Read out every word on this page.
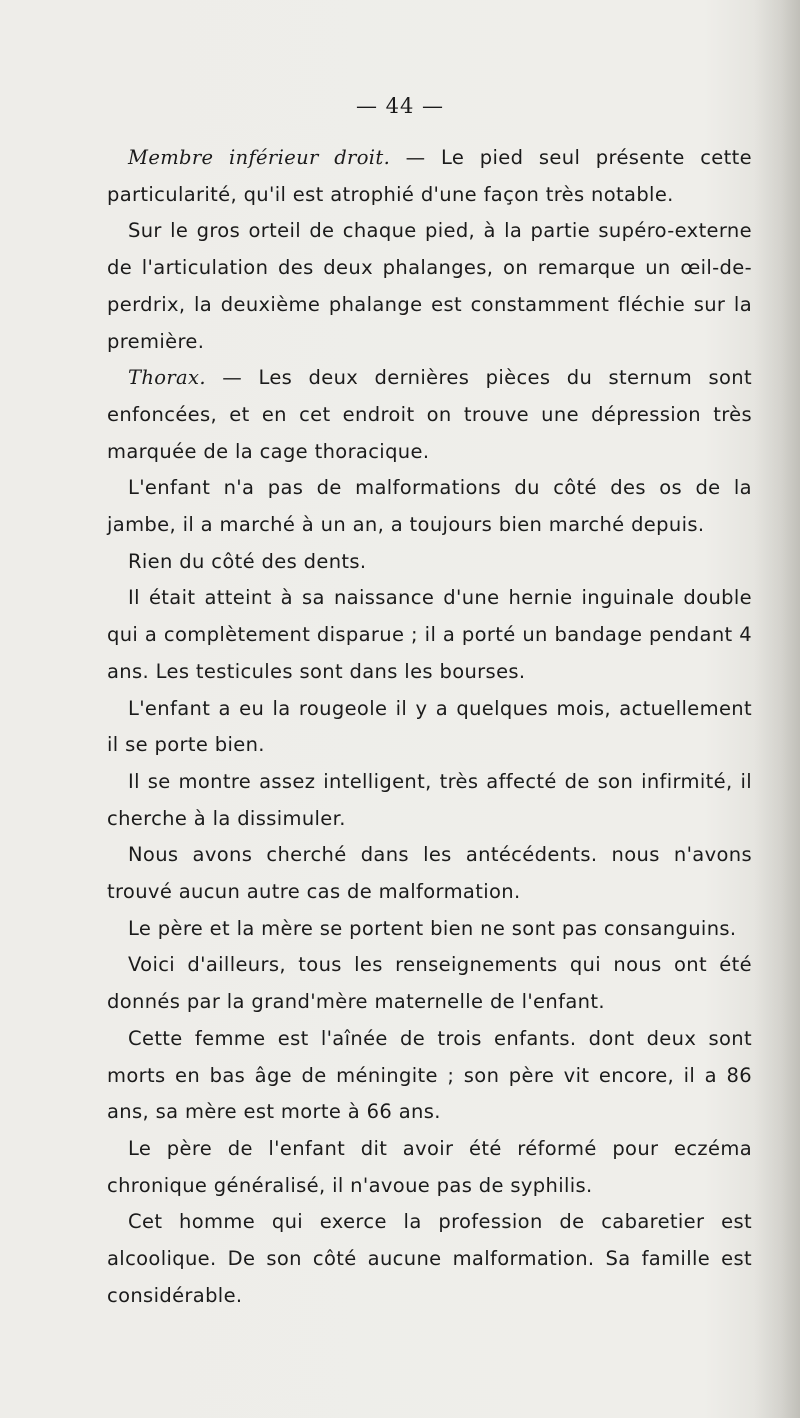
— 44 —

Membre inférieur droit. — Le pied seul présente cette particularité, qu'il est atrophié d'une façon très notable.

Sur le gros orteil de chaque pied, à la partie supéro-externe de l'articulation des deux phalanges, on remarque un œil-de-perdrix, la deuxième phalange est constamment fléchie sur la première.

Thorax. — Les deux dernières pièces du sternum sont enfoncées, et en cet endroit on trouve une dépression très marquée de la cage thoracique.

L'enfant n'a pas de malformations du côté des os de la jambe, il a marché à un an, a toujours bien marché depuis.

Rien du côté des dents.

Il était atteint à sa naissance d'une hernie inguinale double qui a complètement disparue ; il a porté un bandage pendant 4 ans. Les testicules sont dans les bourses.

L'enfant a eu la rougeole il y a quelques mois, actuellement il se porte bien.

Il se montre assez intelligent, très affecté de son infirmité, il cherche à la dissimuler.

Nous avons cherché dans les antécédents. nous n'avons trouvé aucun autre cas de malformation.

Le père et la mère se portent bien ne sont pas consanguins.

Voici d'ailleurs, tous les renseignements qui nous ont été donnés par la grand'mère maternelle de l'enfant.

Cette femme est l'aînée de trois enfants. dont deux sont morts en bas âge de méningite ; son père vit encore, il a 86 ans, sa mère est morte à 66 ans.

Le père de l'enfant dit avoir été réformé pour eczéma chronique généralisé, il n'avoue pas de syphilis.

Cet homme qui exerce la profession de cabaretier est alcoolique. De son côté aucune malformation. Sa famille est considérable.
